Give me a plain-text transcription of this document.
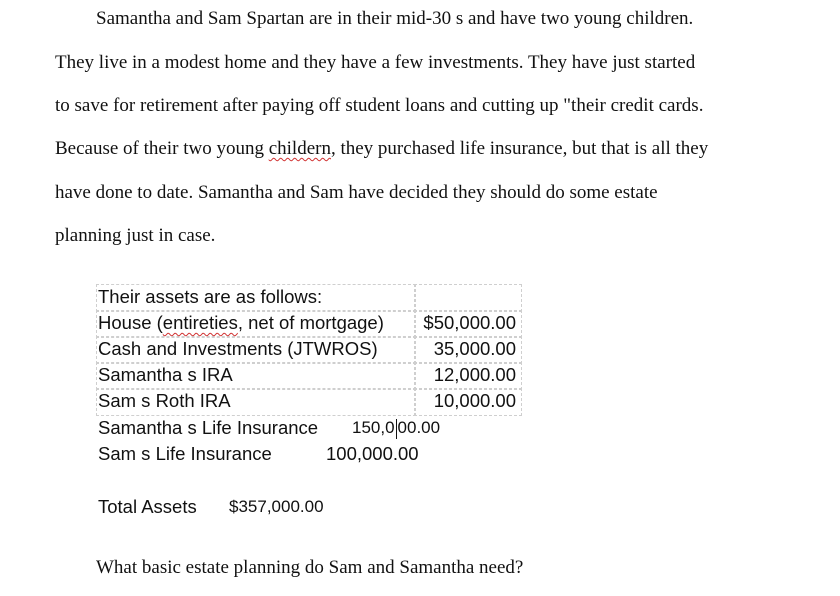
Samantha and Sam Spartan are in their mid-30 s and have two young children.

They live in a modest home and they have a few investments. They have just started

to save for retirement after paying off student loans and cutting up "their credit cards.

Because of their two young childern, they purchased life insurance, but that is all they

have done to date. Samantha and Sam have decided they should do some estate

planning just in case.

Their assets are as follows:
House (entireties, net of mortgage)	$50,000.00
Cash and Investments (JTWROS)	35,000.00
Samantha s IRA	12,000.00
Sam s Roth IRA	10,000.00
Samantha s Life Insurance 150,0 00.00
Sam s Life Insurance	100,000.00
Total Assets $357,000.00

What basic estate planning do Sam and Samantha need?
